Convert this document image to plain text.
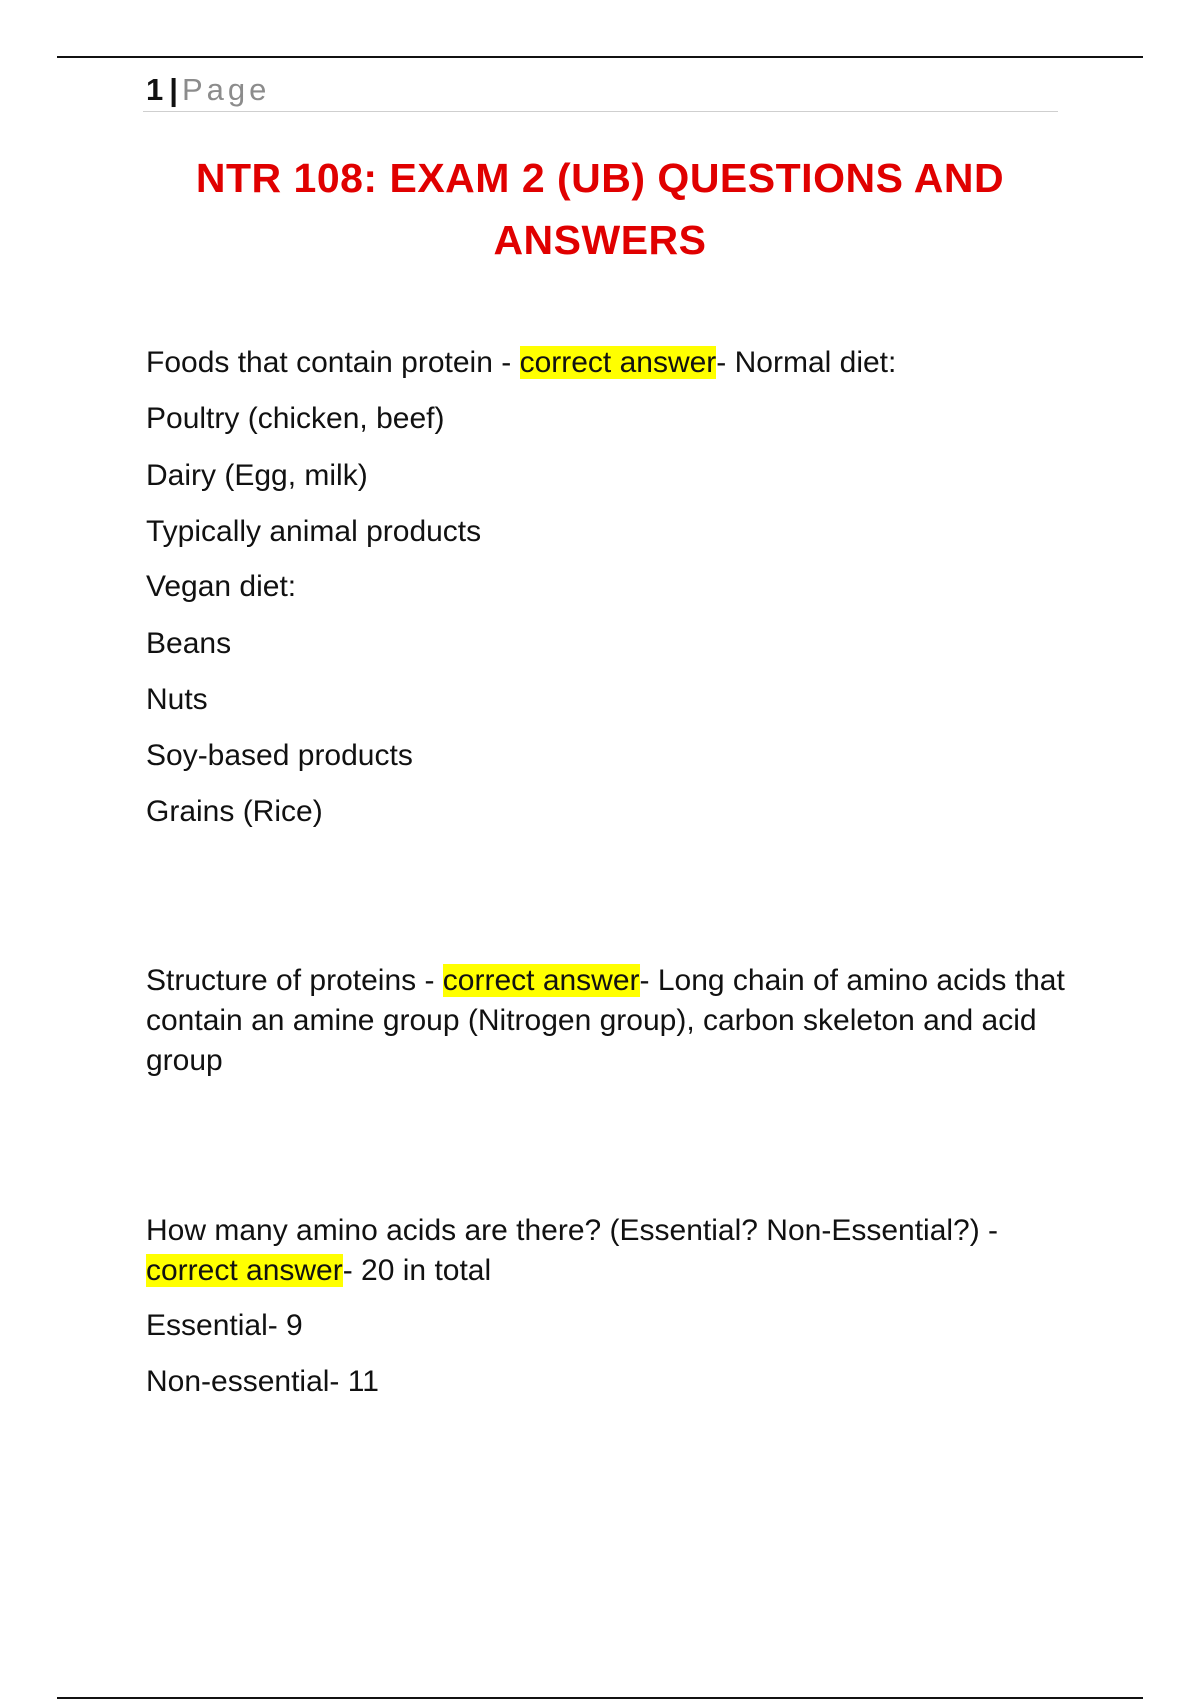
1 | Page
NTR 108: EXAM 2 (UB) QUESTIONS AND
ANSWERS
Foods that contain protein - correct answer- Normal diet:
Poultry (chicken, beef)
Dairy (Egg, milk)
Typically animal products
Vegan diet:
Beans
Nuts
Soy-based products
Grains (Rice)
Structure of proteins - correct answer- Long chain of amino acids that contain an amine group (Nitrogen group), carbon skeleton and acid group
How many amino acids are there? (Essential? Non-Essential?) - correct answer- 20 in total
Essential- 9
Non-essential- 11
